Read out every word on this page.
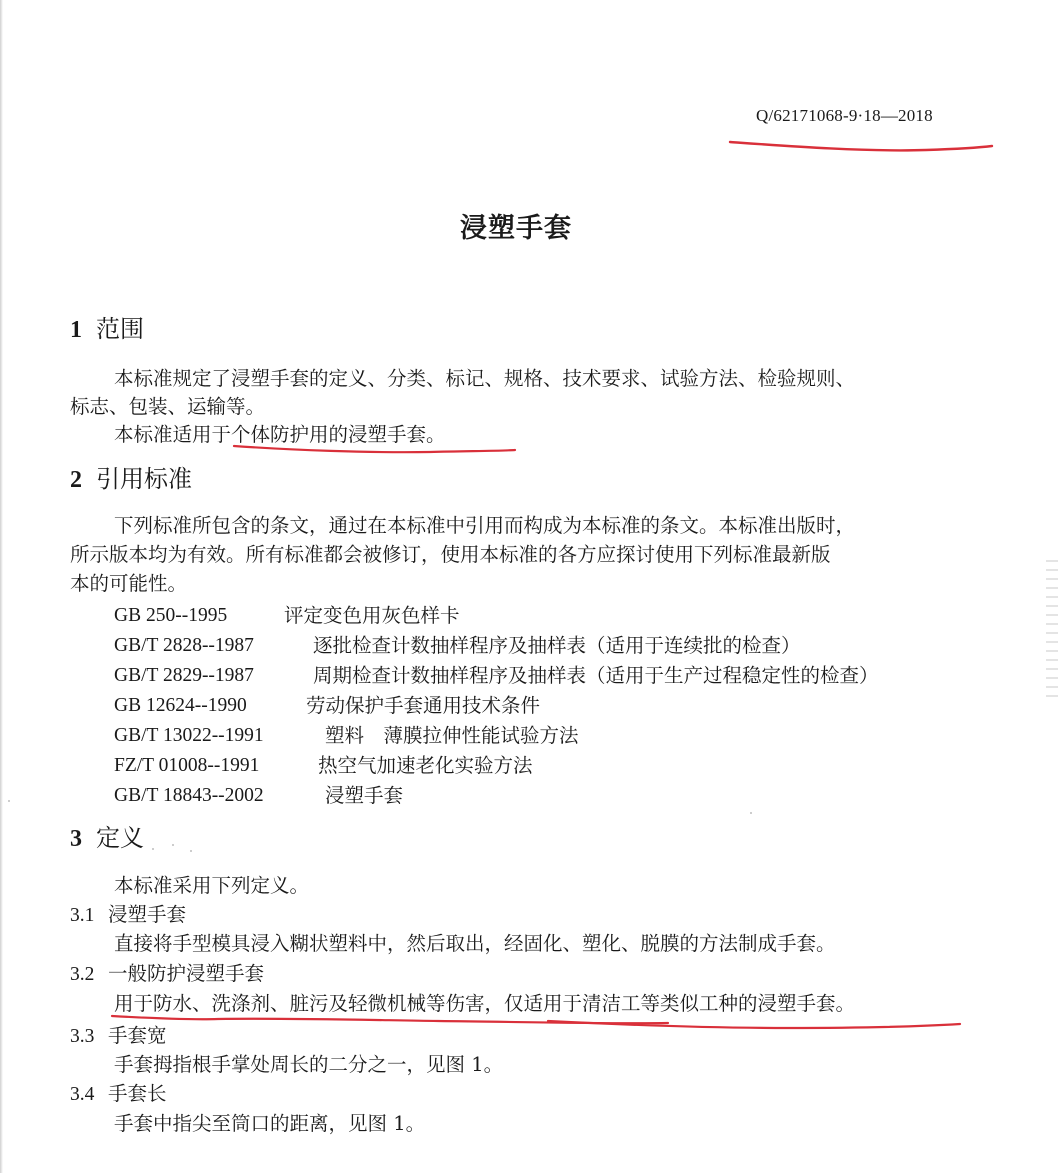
Q/62171068-9·18—2018
浸塑手套
1 范围
本标准规定了浸塑手套的定义、分类、标记、规格、技术要求、试验方法、检验规则、
标志、包装、运输等。
本标准适用于个体防护用的浸塑手套。
2 引用标准
下列标准所包含的条文，通过在本标准中引用而构成为本标准的条文。本标准出版时，
所示版本均为有效。所有标准都会被修订，使用本标准的各方应探讨使用下列标准最新版
本的可能性。
GB 250--1995	评定变色用灰色样卡
GB/T 2828--1987	逐批检查计数抽样程序及抽样表（适用于连续批的检查）
GB/T 2829--1987	周期检查计数抽样程序及抽样表（适用于生产过程稳定性的检查）
GB 12624--1990	劳动保护手套通用技术条件
GB/T 13022--1991	塑料　薄膜拉伸性能试验方法
FZ/T 01008--1991	热空气加速老化实验方法
GB/T 18843--2002	浸塑手套
3 定义
本标准采用下列定义。
3.1 浸塑手套
直接将手型模具浸入糊状塑料中，然后取出，经固化、塑化、脱膜的方法制成手套。
3.2 一般防护浸塑手套
用于防水、洗涤剂、脏污及轻微机械等伤害，仅适用于清洁工等类似工种的浸塑手套。
3.3 手套宽
手套拇指根手掌处周长的二分之一，见图 1。
3.4 手套长
手套中指尖至筒口的距离，见图 1。
